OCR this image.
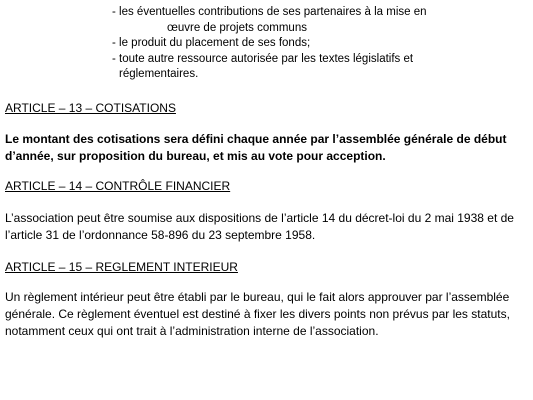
- les éventuelles contributions de ses partenaires à la mise en
œuvre de projets communs
- le produit du placement de ses fonds;
- toute autre ressource autorisée par les textes législatifs et
réglementaires.
ARTICLE – 13 – COTISATIONS

Le montant des cotisations sera défini chaque année par l’assemblée générale de début

d’année, sur proposition du bureau, et mis au vote pour acception.

ARTICLE – 14 – CONTRÔLE FINANCIER

L’association peut être soumise aux dispositions de l’article 14 du décret-loi du 2 mai 1938 et de

l’article 31 de l’ordonnance 58-896 du 23 septembre 1958.

ARTICLE – 15 – REGLEMENT INTERIEUR

Un règlement intérieur peut être établi par le bureau, qui le fait alors approuver par l’assemblée

générale. Ce règlement éventuel est destiné à fixer les divers points non prévus par les statuts,

notamment ceux qui ont trait à l’administration interne de l’association.
